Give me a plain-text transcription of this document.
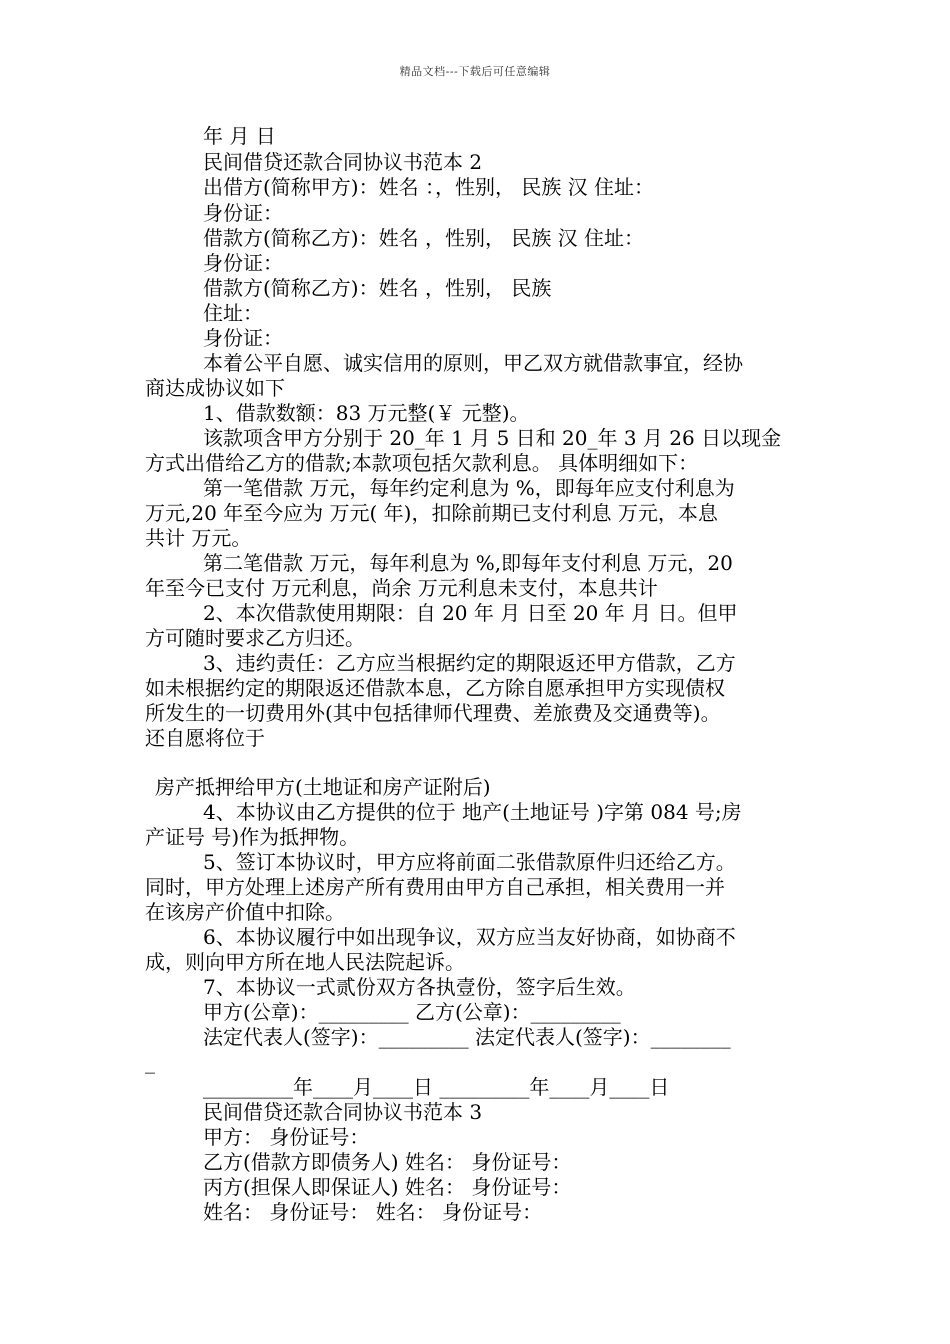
精品文档---下载后可任意编辑
年 月 日
民间借贷还款合同协议书范本 2
出借方(简称甲方)：姓名 ：，性别， 民族 汉 住址：
身份证：
借款方(简称乙方)：姓名 ，性别， 民族 汉 住址：
身份证：
借款方(简称乙方)：姓名 ，性别， 民族
住址：
身份证：
本着公平自愿、诚实信用的原则，甲乙双方就借款事宜，经协
商达成协议如下
1、借款数额：83 万元整(￥ 元整)。
该款项含甲方分别于 20_年 1 月 5 日和 20_年 3 月 26 日以现金
方式出借给乙方的借款;本款项包括欠款利息。 具体明细如下：
第一笔借款 万元，每年约定利息为 %，即每年应支付利息为
万元,20 年至今应为 万元( 年)，扣除前期已支付利息 万元，本息
共计 万元。
第二笔借款 万元，每年利息为 %,即每年支付利息 万元，20
年至今已支付 万元利息，尚余 万元利息未支付，本息共计
2、本次借款使用期限：自 20 年 月 日至 20 年 月 日。但甲
方可随时要求乙方归还。
3、违约责任：乙方应当根据约定的期限返还甲方借款，乙方
如未根据约定的期限返还借款本息，乙方除自愿承担甲方实现债权
所发生的一切费用外(其中包括律师代理费、差旅费及交通费等)。
还自愿将位于
房产抵押给甲方(土地证和房产证附后)
4、本协议由乙方提供的位于 地产(土地证号 )字第 084 号;房
产证号 号)作为抵押物。
5、签订本协议时，甲方应将前面二张借款原件归还给乙方。
同时，甲方处理上述房产所有费用由甲方自己承担，相关费用一并
在该房产价值中扣除。
6、本协议履行中如出现争议，双方应当友好协商，如协商不
成，则向甲方所在地人民法院起诉。
7、本协议一式贰份双方各执壹份，签字后生效。
甲方(公章)：_________ 乙方(公章)：_________
法定代表人(签字)：_________ 法定代表人(签字)：________
_
_________年____月____日 _________年____月____日
民间借贷还款合同协议书范本 3
甲方： 身份证号：
乙方(借款方即债务人) 姓名： 身份证号：
丙方(担保人即保证人) 姓名： 身份证号：
姓名： 身份证号： 姓名： 身份证号：
